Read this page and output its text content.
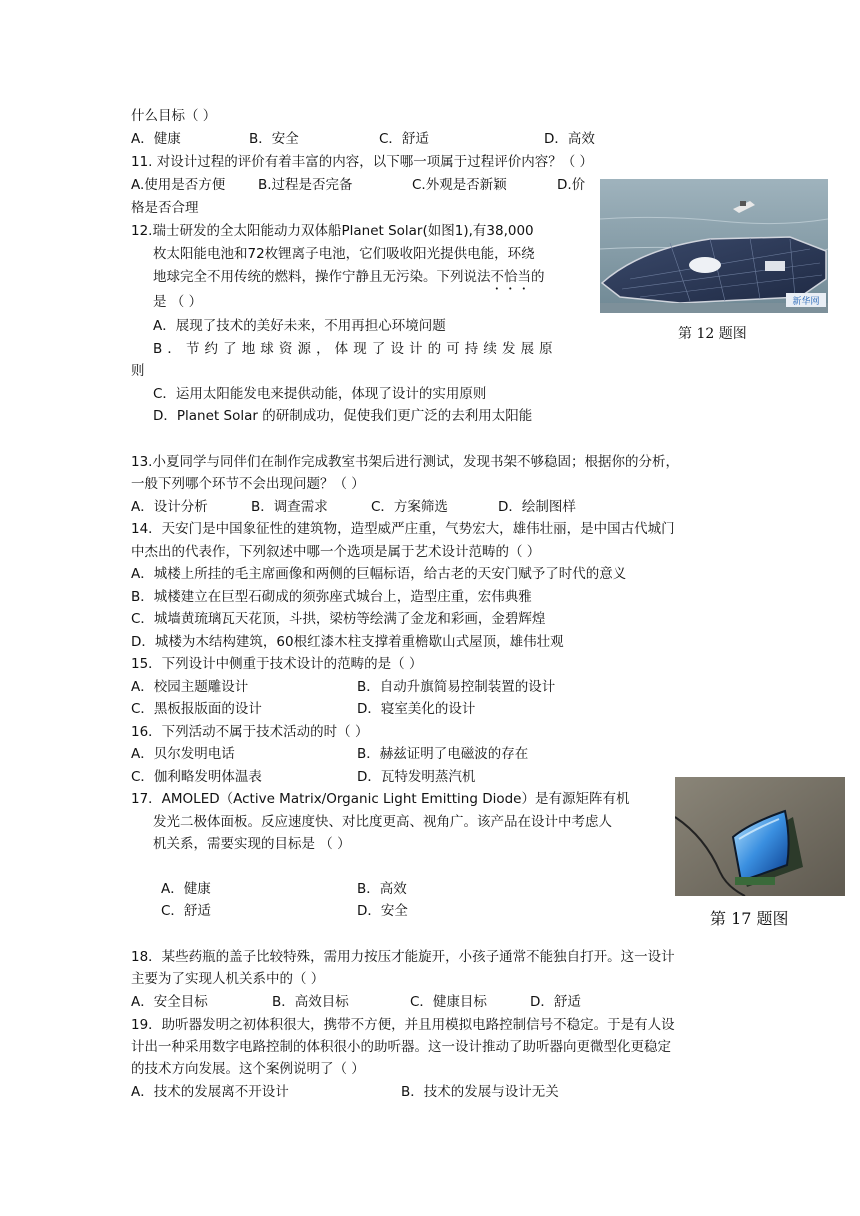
什么目标（ ）
A．健康	B．安全	C．舒适	D．高效
11. 对设计过程的评价有着丰富的内容，以下哪一项属于过程评价内容？（ ）
A.使用是否方便 B.过程是否完备	C.外观是否新颖	D.价
格是否合理
12.瑞士研发的全太阳能动力双体船Planet Solar(如图1),有38,000
枚太阳能电池和72枚锂离子电池，它们吸收阳光提供电能，环绕
地球完全不用传统的燃料，操作宁静且无污染。下列说法不恰当的
是 （ ）
A．展现了技术的美好未来，不用再担心环境问题
B ． 节 约 了 地 球 资 源 ， 体 现 了 设 计 的 可 持 续 发 展 原
则
C．运用太阳能发电来提供动能，体现了设计的实用原则
D．Planet Solar 的研制成功，促使我们更广泛的去利用太阳能
新华网
第 12 题图
13.小夏同学与同伴们在制作完成教室书架后进行测试，发现书架不够稳固；根据你的分析，
一般下列哪个环节不会出现问题？（ ）
A．设计分析	B．调查需求	C．方案筛选	D．绘制图样
14．天安门是中国象征性的建筑物，造型威严庄重，气势宏大，雄伟壮丽，是中国古代城门
中杰出的代表作，下列叙述中哪一个选项是属于艺术设计范畴的（ ）
A．城楼上所挂的毛主席画像和两侧的巨幅标语，给古老的天安门赋予了时代的意义
B．城楼建立在巨型石砌成的须弥座式城台上，造型庄重，宏伟典雅
C．城墙黄琉璃瓦天花顶，斗拱，梁枋等绘满了金龙和彩画，金碧辉煌
D．城楼为木结构建筑，60根红漆木柱支撑着重檐歇山式屋顶，雄伟壮观
15．下列设计中侧重于技术设计的范畴的是（ ）
A．校园主题雕设计	B．自动升旗简易控制装置的设计
C．黑板报版面的设计	D．寝室美化的设计
16．下列活动不属于技术活动的时（ ）
A．贝尔发明电话	B．赫兹证明了电磁波的存在
C．伽利略发明体温表	D．瓦特发明蒸汽机
17．AMOLED（Active Matrix/Organic Light Emitting Diode）是有源矩阵有机
发光二极体面板。反应速度快、对比度更高、视角广。该产品在设计中考虑人
机关系，需要实现的目标是 （ ）
A．健康	B．高效
C．舒适	D．安全	第 17 题图
18．某些药瓶的盖子比较特殊，需用力按压才能旋开，小孩子通常不能独自打开。这一设计
主要为了实现人机关系中的（ ）
A．安全目标	B．高效目标	C．健康目标	D．舒适
19．助听器发明之初体积很大，携带不方便，并且用模拟电路控制信号不稳定。于是有人设
计出一种采用数字电路控制的体积很小的助听器。这一设计推动了助听器向更微型化更稳定
的技术方向发展。这个案例说明了（ ）
A．技术的发展离不开设计	B．技术的发展与设计无关
